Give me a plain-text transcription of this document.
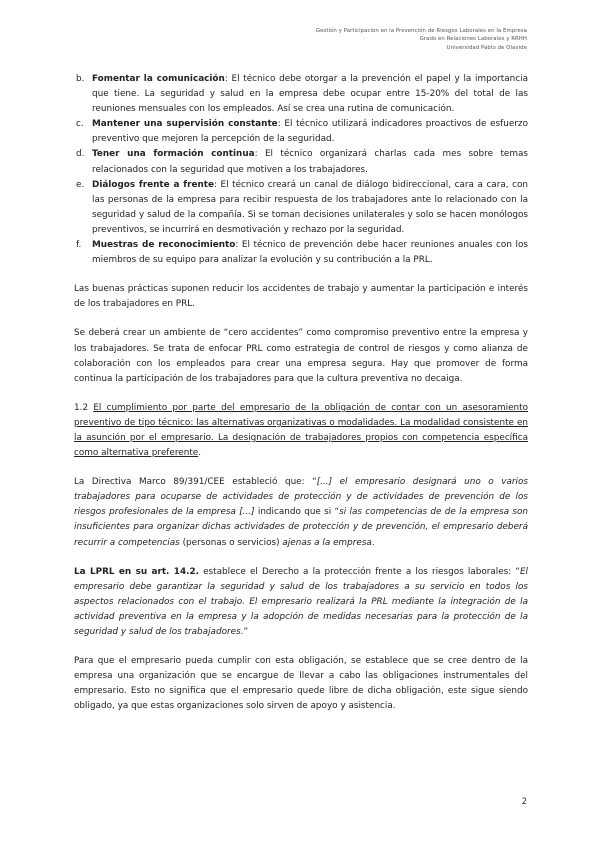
Gestión y Participación en la Prevención de Riesgos Laborales en la Empresa
Grado en Relaciones Laborales y RRHH
Universidad Pablo de Olavide
b. Fomentar la comunicación: El técnico debe otorgar a la prevención el papel y la importancia que tiene. La seguridad y salud en la empresa debe ocupar entre 15-20% del total de las reuniones mensuales con los empleados. Así se crea una rutina de comunicación.
c. Mantener una supervisión constante: El técnico utilizará indicadores proactivos de esfuerzo preventivo que mejoren la percepción de la seguridad.
d. Tener una formación continua: El técnico organizará charlas cada mes sobre temas relacionados con la seguridad que motiven a los trabajadores.
e. Diálogos frente a frente: El técnico creará un canal de diálogo bidireccional, cara a cara, con las personas de la empresa para recibir respuesta de los trabajadores ante lo relacionado con la seguridad y salud de la compañía. Si se toman decisiones unilaterales y solo se hacen monólogos preventivos, se incurrirá en desmotivación y rechazo por la seguridad.
f. Muestras de reconocimiento: El técnico de prevención debe hacer reuniones anuales con los miembros de su equipo para analizar la evolución y su contribución a la PRL.

Las buenas prácticas suponen reducir los accidentes de trabajo y aumentar la participación e interés de los trabajadores en PRL.

Se deberá crear un ambiente de “cero accidentes” como compromiso preventivo entre la empresa y los trabajadores. Se trata de enfocar PRL como estrategia de control de riesgos y como alianza de colaboración con los empleados para crear una empresa segura. Hay que promover de forma continua la participación de los trabajadores para que la cultura preventiva no decaiga.

1.2 El cumplimiento por parte del empresario de la obligación de contar con un asesoramiento preventivo de tipo técnico: las alternativas organizativas o modalidades. La modalidad consistente en la asunción por el empresario. La designación de trabajadores propios con competencia específica como alternativa preferente.

La Directiva Marco 89/391/CEE estableció que: “[...] el empresario designará uno o varios trabajadores para ocuparse de actividades de protección y de actividades de prevención de los riesgos profesionales de la empresa [...] indicando que si “si las competencias de de la empresa son insuficientes para organizar dichas actividades de protección y de prevención, el empresario deberá recurrir a competencias (personas o servicios) ajenas a la empresa.

La LPRL en su art. 14.2. establece el Derecho a la protección frente a los riesgos laborales: “El empresario debe garantizar la seguridad y salud de los trabajadores a su servicio en todos los aspectos relacionados con el trabajo. El empresario realizará la PRL mediante la integración de la actividad preventiva en la empresa y la adopción de medidas necesarias para la protección de la seguridad y salud de los trabajadores.”

Para que el empresario pueda cumplir con esta obligación, se establece que se cree dentro de la empresa una organización que se encargue de llevar a cabo las obligaciones instrumentales del empresario. Esto no significa que el empresario quede libre de dicha obligación, este sigue siendo obligado, ya que estas organizaciones solo sirven de apoyo y asistencia.

2
